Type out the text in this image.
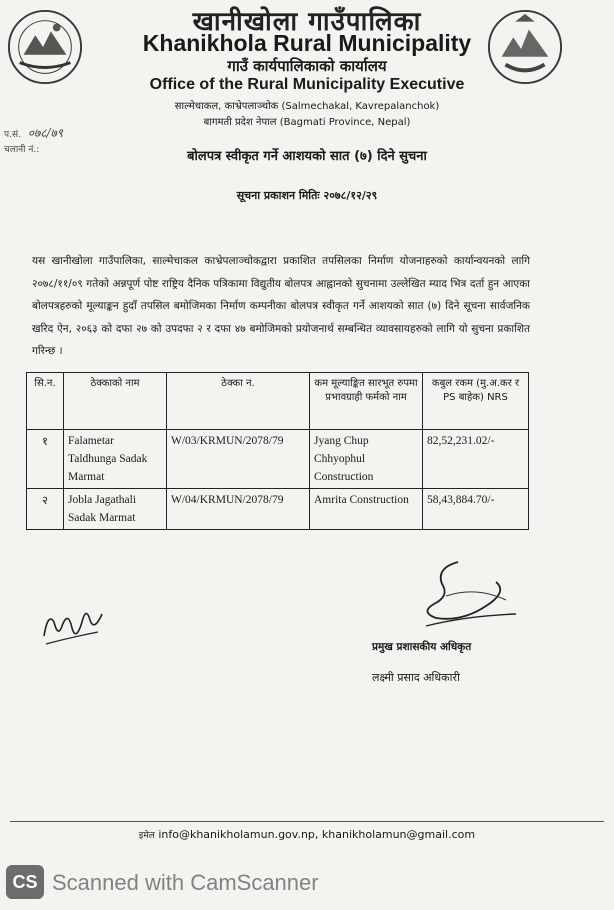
खानीखोला गाउँपालिका
Khanikhola Rural Municipality
गाउँ कार्यपालिकाको कार्यालय
Office of the Rural Municipality Executive
साल्मेचाकल, काभ्रेपलाञ्चोक (Salmechakal, Kavrepalanchok)
बागमती प्रदेश नेपाल (Bagmati Province, Nepal)
प.सं. ०७८/७९
चलानी नं.:	बोलपत्र स्वीकृत गर्ने आशयको सात (७) दिने सुचना
सूचना प्रकाशन मितिः २०७८/१२/२९
यस खानीखोला गाउँपालिका, साल्मेचाकल काभ्रेपलाञ्चोकद्वारा प्रकाशित तपसिलका निर्माण योजनाहरुको कार्यान्वयनको लागि २०७८/११/०९ गतेको अन्नपूर्ण पोष्ट राष्ट्रिय दैनिक पत्रिकामा विद्युतीय बोलपत्र आह्वानको सुचनामा उल्लेखित म्याद भित्र दर्ता हुन आएका बोलपत्रहरुको मूल्याङ्कन हुदाँ तपसिल बमोजिमका निर्माण कम्पनीका बोलपत्र स्वीकृत गर्ने आशयको सात (७) दिने सूचना सार्वजनिक खरिद ऐन, २०६३ को दफा २७ को उपदफा २ र दफा ४७ बमोजिमको प्रयोजनार्थ सम्बन्धित व्यावसायहरुको लागि यो सुचना प्रकाशित गरिन्छ ।
सि.न.	ठेक्काको नाम	ठेक्का न.	कम मूल्याङ्कित सारभूत रुपमा प्रभावग्राही फर्मको नाम	कबुल रकम (मु.अ.कर र PS बाहेक) NRS
१	Falametar Taldhunga Sadak Marmat	W/03/KRMUN/2078/79	Jyang Chup Chhyophul Construction	82,52,231.02/-
२	Jobla Jagathali Sadak Marmat	W/04/KRMUN/2078/79	Amrita Construction	58,43,884.70/-
प्रमुख प्रशासकीय अधिकृत
लक्ष्मी प्रसाद अधिकारी
इमेल info@khanikholamun.gov.np, khanikholamun@gmail.com
CS Scanned with CamScanner
